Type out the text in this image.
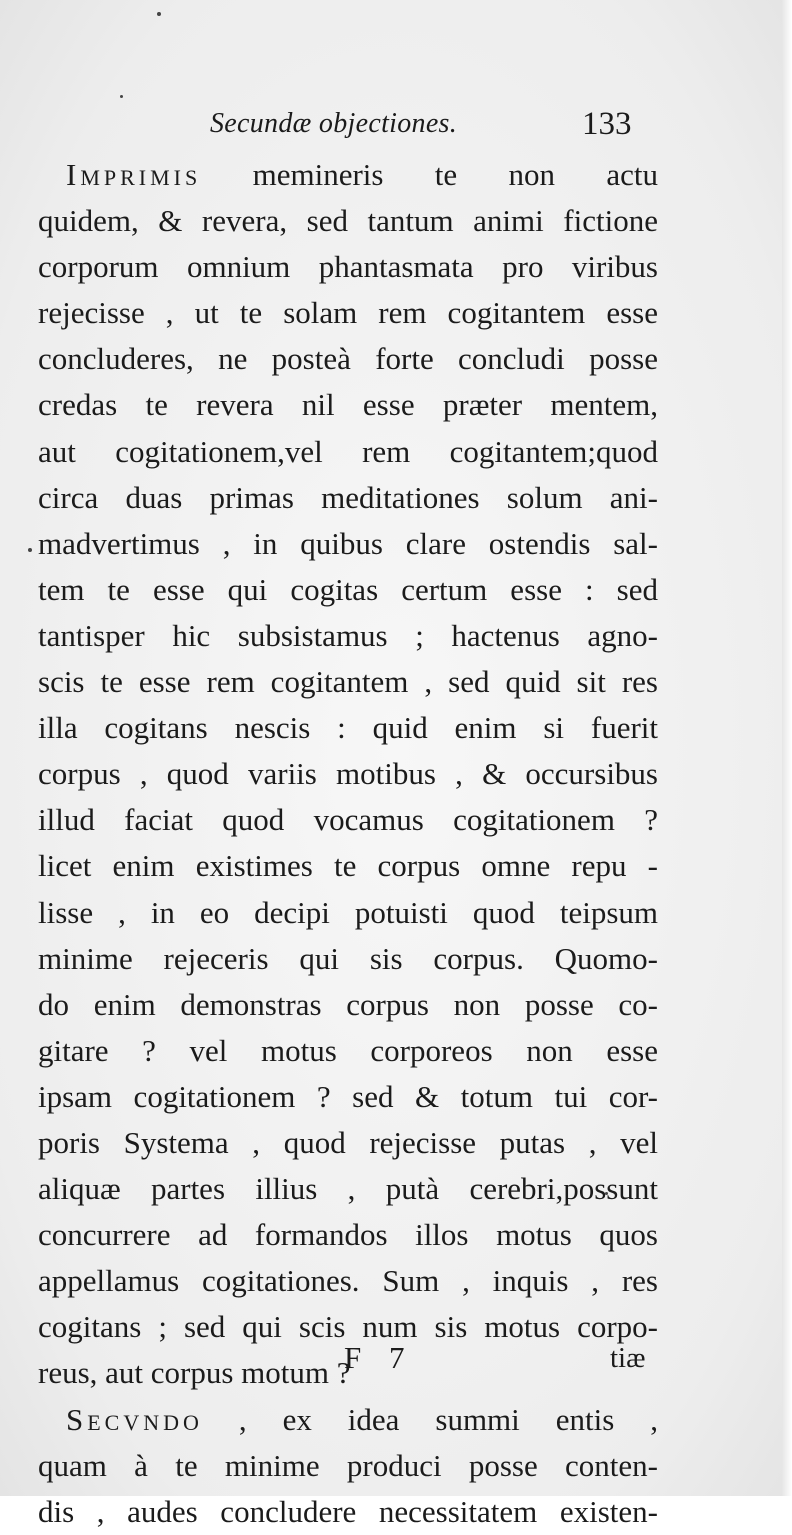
Secundæ objectiones.	133
Imprimis memineris te non actu
quidem, & revera, sed tantum animi fictione
corporum omnium phantasmata pro viribus
rejecisse , ut te solam rem cogitantem esse
concluderes, ne posteà forte concludi posse
credas te revera nil esse præter mentem,
aut cogitationem,vel rem cogitantem;quod
circa duas primas meditationes solum ani-
madvertimus , in quibus clare ostendis sal-
tem te esse qui cogitas certum esse : sed
tantisper hic subsistamus ; hactenus agno-
scis te esse rem cogitantem , sed quid sit res
illa cogitans nescis : quid enim si fuerit
corpus , quod variis motibus , & occursibus
illud faciat quod vocamus cogitationem ?
licet enim existimes te corpus omne repu -
lisse , in eo decipi potuisti quod teipsum
minime rejeceris qui sis corpus. Quomo-
do enim demonstras corpus non posse co-
gitare ? vel motus corporeos non esse
ipsam cogitationem ? sed & totum tui cor-
poris Systema , quod rejecisse putas , vel
aliquæ partes illius , putà cerebri,possunt
concurrere ad formandos illos motus quos
appellamus cogitationes. Sum , inquis , res
cogitans ; sed qui scis num sis motus corpo-
reus, aut corpus motum ?
Secvndo , ex idea summi entis ,
quam à te minime produci posse conten-
dis , audes concludere necessitatem existen-
F 7	tiæ
